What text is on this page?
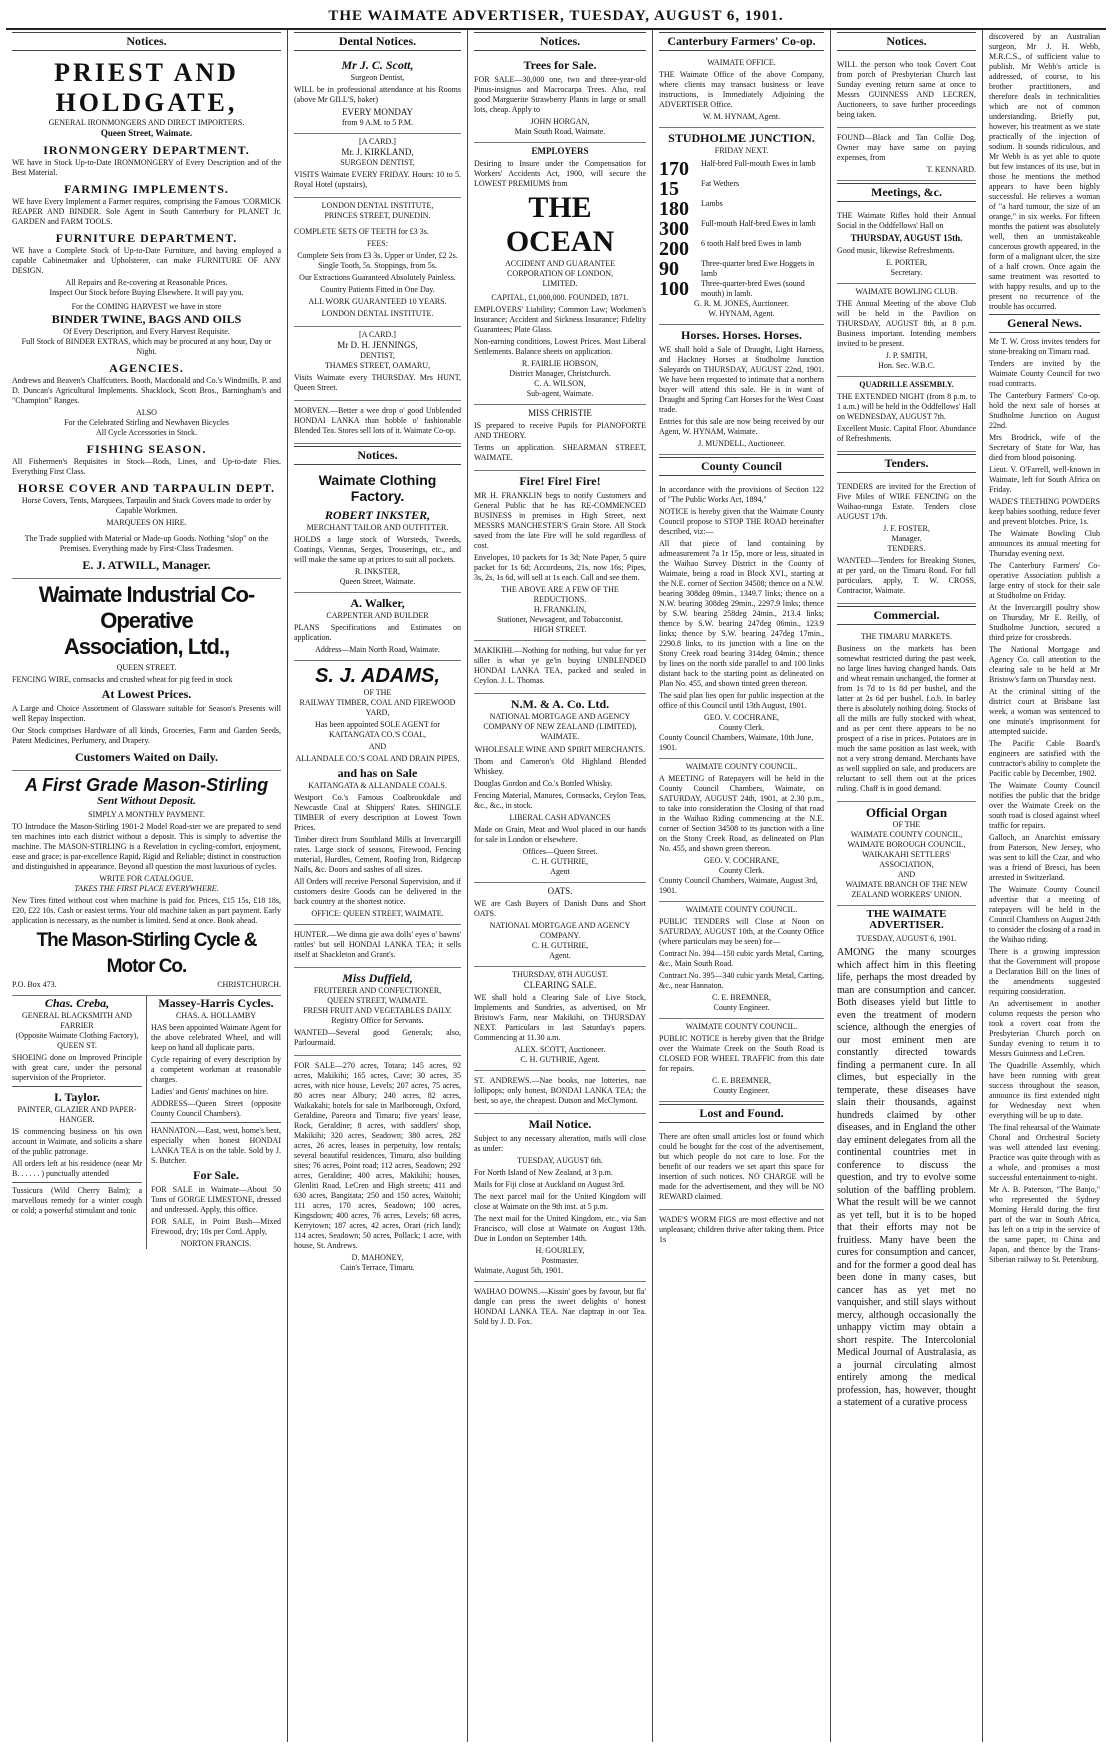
THE WAIMATE ADVERTISER, TUESDAY, AUGUST 6, 1901.
Notices.
PRIEST AND HOLDGATE,
GENERAL IRONMONGERS AND DIRECT IMPORTERS.
Queen Street, Waimate.
IRONMONGERY DEPARTMENT.

WE have in Stock Up-to-Date IRONMONGERY of Every Description and of the Best Material.

FARMING IMPLEMENTS.

WE have Every Implement a Farmer requires, comprising the Famous 'CORMICK REAPER AND BINDER. Sole Agent in South Canterbury for PLANET Jr. GARDEN and FARM TOOLS.

FURNITURE DEPARTMENT.

WE have a Complete Stock of Up-to-Date Furniture, and having employed a capable Cabinetmaker and Upholsterer, can make FURNITURE OF ANY DESIGN.

All Repairs and Re-covering at Reasonable Prices.
Inspect Our Stock before Buying Elsewhere. It will pay you.
For the COMING HARVEST we have in store
BINDER TWINE, BAGS AND OILS
Of Every Description, and Every Harvest Requisite.
Full Stock of BINDER EXTRAS, which may be procured at any hour, Day or Night.
AGENCIES.

Andrews and Beaven's Chaffcutters. Booth, Macdonald and Co.'s Windmills. P. and D. Duncan's Agricultural Implements. Shacklock, Scott Bros., Barningham's and "Champion" Ranges.

ALSO
For the Celebrated Stirling and Newhaven Bicycles
All Cycle Accessories in Stock.
FISHING SEASON.

All Fishermen's Requisites in Stock—Rods, Lines, and Up-to-date Flies. Everything First Class.

HORSE COVER AND TARPAULIN DEPT.

Horse Covers, Tents, Marquees, Tarpaulin and Stack Covers made to order by Capable Workmen.

MARQUEES ON HIRE.

The Trade supplied with Material or Made-up Goods. Nothing "slop" on the Premises. Everything made by First-Class Tradesmen.

E. J. ATWILL, Manager.
Waimate Industrial Co-Operative
Association, Ltd.,
QUEEN STREET.

FENCING WIRE, cornsacks and crushed wheat for pig feed in stock

At Lowest Prices.

A Large and Choice Assortment of Glassware suitable for Season's Presents will well Repay Inspection.

Our Stock comprises Hardware of all kinds, Groceries, Farm and Garden Seeds, Patent Medicines, Perfumery, and Drapery.

Customers Waited on Daily.
A First Grade Mason-Stirling
Sent Without Deposit.
SIMPLY A MONTHLY PAYMENT.

TO Introduce the Mason-Stirling 1901-2 Model Road-ster we are prepared to send ten machines into each district without a deposit. This is simply to advertise the machine. The MASON-STIRLING is a Revelation in cycling-comfort, enjoyment, ease and grace; is par-excellence Rapid, Rigid and Reliable; distinct in construction and distinguished in appearance. Beyond all question the most luxurious of cycles.

WRITE FOR CATALOGUE.
TAKES THE FIRST PLACE EVERYWHERE.

New Tires fitted without cost when machine is paid for. Prices, £15 15s, £18 18s, £20, £22 10s. Cash or easiest terms. Your old machine taken as part payment. Early application is necessary, as the number is limited. Send at once. Book ahead.

The Mason-Stirling Cycle & Motor Co.
P.O. Box 473.	CHRISTCHURCH.
Chas. Creba,
GENERAL BLACKSMITH AND FARRIER
(Opposite Waimate Clothing Factory),
QUEEN ST.

SHOEING done on Improved Principle with great care, under the personal supervision of the Proprietor.

I. Taylor.
PAINTER, GLAZIER AND PAPER-HANGER.

IS commencing business on his own account in Waimate, and solicits a share of the public patronage.

All orders left at his residence (near Mr B. . . . . . ) punctually attended

Tussicura (Wild Cherry Balm); a marvellous remedy for a winter cough or cold; a powerful stimulant and tonic

Massey-Harris Cycles.
CHAS. A. HOLLAMBY

HAS been appointed Waimate Agent for the above celebrated Wheel, and will keep on hand all duplicate parts.

Cycle repairing of every description by a competent workman at reasonable charges.

Ladies' and Gents' machines on hire.

ADDRESS—Queen Street (opposite County Council Chambers).

HANNATON.—East, west, home's best, especially when honest HONDAI LANKA TEA is on the table. Sold by J. S. Butcher.

For Sale.

FOR SALE in Waimate—About 50 Tons of GORGE LIMESTONE, dressed and undressed. Apply, this office.

FOR SALE, in Point Bush—Mixed Firewood, dry; 10s per Cord. Apply,

NORTON FRANCIS.
Dental Notices.
Mr J. C. Scott,
Surgeon Dentist,

WILL be in professional attendance at his Rooms (above Mr GILL'S, baker)

EVERY MONDAY
from 9 A.M. to 5 P.M.
[A CARD.]
Mr. J. KIRKLAND,
SURGEON DENTIST,

VISITS Waimate EVERY FRIDAY. Hours: 10 to 5. Royal Hotel (upstairs),

LONDON DENTAL INSTITUTE,
PRINCES STREET, DUNEDIN.

COMPLETE SETS OF TEETH for £3 3s.

FEES:

Complete Sets from £3 3s. Upper or Under, £2 2s. Single Tooth, 5s. Stoppings, from 5s.

Our Extractions Guaranteed Absolutely Painless.

Country Patients Fitted in One Day.

ALL WORK GUARANTEED 10 YEARS.

LONDON DENTAL INSTITUTE.

[A CARD.]
Mr D. H. JENNINGS,
DENTIST,
THAMES STREET, OAMARU,

Visits Waimate every THURSDAY. Mrs HUNT, Queen Street.

MORVEN.—Better a wee drop o' good Unblended HONDAI LANKA than hobble o' fashionable Blended Tea. Stores sell lots of it. Waimate Co-op.

Notices.
Waimate Clothing Factory.
ROBERT INKSTER,
MERCHANT TAILOR AND OUTFITTER.

HOLDS a large stock of Worsteds, Tweeds, Coatings, Viennas, Serges, Trouserings, etc., and will make the same up at prices to suit all pockets.

R. INKSTER,
Queen Street, Waimate.
A. Walker,
CARPENTER AND BUILDER

PLANS Specifications and Estimates on application.

Address—Main North Road, Waimate.
S. J. ADAMS,
OF THE
RAILWAY TIMBER, COAL AND FIREWOOD YARD,

Has been appointed SOLE AGENT for KAITANGATA CO.'S COAL,

AND

ALLANDALE CO.'S COAL AND DRAIN PIPES,

and has on Sale
KAITANGATA & ALLANDALE COALS.

Westport Co.'s Famous Coalbrookdale and Newcastle Coal at Shippers' Rates. SHINGLE TIMBER of every description at Lowest Town Prices.

Timber direct from Southland Mills at Invercargill rates. Large stock of seasons, Firewood, Fencing material, Hurdles, Cement, Roofing Iron, Ridgecap Nails, &c. Doors and sashes of all sizes.

All Orders will receive Personal Supervision, and if customers desire Goods can be delivered in the back country at the shortest notice.

OFFICE: QUEEN STREET, WAIMATE.

HUNTER.—We dinna gie awa dolls' eyes o' bawns' rattles' but sell HONDAI LANKA TEA; it sells itself at Shackleton and Grant's.

Miss Duffield,
FRUITERER AND CONFECTIONER,
QUEEN STREET, WAIMATE.
FRESH FRUIT AND VEGETABLES DAILY.
Registry Office for Servants.

WANTED—Several good Generals; also, Parlourmaid.

FOR SALE—270 acres, Totara; 145 acres, 92 acres, Makikihi; 165 acres, Cave; 30 acres, 35 acres, with nice house, Levels; 207 acres, 75 acres, 80 acres near Albury; 240 acres, 82 acres, Waikakahi; hotels for sale in Marlborough, Oxford, Geraldine, Pareora and Timaru; five years' lease, Rock, Geraldine; 8 acres, with saddlers' shop, Makikihi; 320 acres, Seadown; 380 acres, 282 acres, 26 acres, leases in perpetuity, low rentals; several beautiful residences, Timaru, also building sites; 76 acres, Point road; 112 acres, Seadown; 292 acres, Geraldine; 400 acres, Makikihi; houses, Glenliti Road, LeCren and High streets; 411 and 630 acres, Bangitata; 250 and 150 acres, Waitohi; 111 acres, 170 acres, Seadown; 100 acres, Kingsdown; 400 acres, 76 acres, Levels; 68 acres, Kerrytown; 187 acres, 42 acres, Orari (rich land); 114 acres, Seadown; 50 acres, Pollack; 1 acre, with house, St. Andrews.

D. MAHONEY,
Cain's Terrace, Timaru.
Notices.
Trees for Sale.

FOR SALE—30,000 one, two and three-year-old Pinus-insignus and Macrocarpa Trees. Also, real good Marguerite Strawberry Plants in large or small lots, cheap. Apply to

JOHN HORGAN,
Main South Road, Waimate.
EMPLOYERS

Desiring to Insure under the Compensation for Workers' Accidents Act, 1900, will secure the LOWEST PREMIUMS from

THE OCEAN
ACCIDENT AND GUARANTEE
CORPORATION OF LONDON,
LIMITED.
CAPITAL, £1,000,000. FOUNDED, 1871.

EMPLOYERS' Liability; Common Law; Workmen's Insurance; Accident and Sickness Insurance; Fidelity Guarantees; Plate Glass.

Non-earning conditions, Lowest Prices. Most Liberal Settlements. Balance sheets on application.

R. FAIRLIE HOBSON,
District Manager, Christchurch.
C. A. WILSON,
Sub-agent, Waimate.
MISS CHRISTIE

IS prepared to receive Pupils for PIANOFORTE AND THEORY.

Terms on application. SHEARMAN STREET, WAIMATE.

Fire! Fire! Fire!

MR H. FRANKLIN begs to notify Customers and General Public that he has RE-COMMENCED BUSINESS in premises in High Street, next MESSRS MANCHESTER'S Grain Store. All Stock saved from the late Fire will be sold regardless of cost.

Envelopes, 10 packets for 1s 3d; Note Paper, 5 quire packet for 1s 6d; Accordeons, 21s, now 16s; Pipes, 3s, 2s, 1s 6d, will sell at 1s each. Call and see them.

THE ABOVE ARE A FEW OF THE REDUCTIONS.
H. FRANKLIN,
Stationer, Newsagent, and Tobacconist.
HIGH STREET.

MAKIKIHI.—Nothing for nothing, but value for yer siller is what ye ge'in buying UNBLENDED HONDAI LANKA TEA, packed and sealed in Ceylon. J. L. Thomas.

N.M. & A. Co. Ltd.
NATIONAL MORTGAGE AND AGENCY COMPANY OF NEW ZEALAND (LIMITED), WAIMATE.
WHOLESALE WINE AND SPIRIT MERCHANTS.

Thom and Cameron's Old Highland Blended Whiskey.

Douglas Gordon and Co.'s Bottled Whisky.

Fencing Material, Manures, Cornsacks, Ceylon Teas, &c., &c., in stock.

LIBERAL CASH ADVANCES

Made on Grain, Meat and Wool placed in our hands for sale in London or elsewhere.

Offices—Queen Street.
C. H. GUTHRIE,
Agent
OATS.

WE are Cash Buyers of Danish Duns and Short OATS.

NATIONAL MORTGAGE AND AGENCY COMPANY.
C. H. GUTHRIE,
Agent.
THURSDAY, 8TH AUGUST.
CLEARING SALE.

WE shall hold a Clearing Sale of Live Stock, Implements and Sundries, as advertised, on Mr Bristow's Farm, near Makikihi, on THURSDAY NEXT. Particulars in last Saturday's papers. Commencing at 11.30 a.m.

ALEX. SCOTT, Auctioneer.
C. H. GUTHRIE, Agent.

ST. ANDREWS.—Nae books, nae lotteries, nae lollipops; only honest, BONDAI LANKA TEA; the best, so aye, the cheapest. Dutson and McClymont.

Mail Notice.

Subject to any necessary alteration, mails will close as under:

TUESDAY, AUGUST 6th.

For North Island of New Zealand, at 3 p.m.

Mails for Fiji close at Auckland on August 3rd.

The next parcel mail for the United Kingdom will close at Waimate on the 9th inst. at 5 p.m.

The next mail for the United Kingdom, etc., via San Francisco, will close at Waimate on August 13th. Due in London on September 14th.

H. GOURLEY,
Postmaster.
Waimate, August 5th, 1901.

WAIHAO DOWNS.—Kissin' goes by favour, but fla' dangle can press the sweet delights o' honest HONDAI LANKA TEA. Nae claptrap in oor Tea. Sold by J. D. Fox.

Canterbury Farmers' Co-op.
WAIMATE OFFICE.

THE Waimate Office of the above Company, where clients may transact business or leave instructions, is Immediately Adjoining the ADVERTISER Office.

W. M. HYNAM, Agent.
STUDHOLME JUNCTION.
FRIDAY NEXT.
170
15
180
300
200
90
100
Half-bred Full-mouth Ewes in lamb
Fat Wethers
Lambs
Full-mouth Half-bred Ewes in lamb
6 tooth Half bred Ewes in lamb
Three-quarter bred Ewe Hoggets in lamb
Three-quarter-bred Ewes (sound mouth) in lamb.
G. R. M. JONES, Auctioneer.
W. HYNAM, Agent.
Horses. Horses. Horses.

WE shall hold a Sale of Draught, Light Harness, and Hackney Horses at Studholme Junction Saleyards on THURSDAY, AUGUST 22nd, 1901. We have been requested to intimate that a northern buyer will attend this sale. He is in want of Draught and Spring Cart Horses for the West Coast trade.

Entries for this sale are now being received by our Agent, W. HYNAM, Waimate.

J. MUNDELL, Auctioneer.
County Council

In accordance with the provisions of Section 122 of "The Public Works Act, 1894,"

NOTICE is hereby given that the Waimate County Council propose to STOP THE ROAD hereinafter described, viz:—

All that piece of land containing by admeasurement 7a 1r 15p, more or less, situated in the Waihao Survey District in the County of Waimate, being a road in Block XVI., starting at the N.E. corner of Section 34508; thence on a N.W. bearing 308deg 09min., 1349.7 links; thence on a N.W. bearing 308deg 29min., 2297.9 links; thence by S.W. bearing 258deg 24min., 213.4 links; thence by S.W. bearing 247deg 06min., 123.9 links; thence by S.W. bearing 247deg 17min., 2290.8 links, to its junction with a line on the Stony Creek road bearing 314deg 04min.; thence by lines on the north side parallel to and 100 links distant back to the starting point as delineated on Plan No. 455, and shown tinted green thereon.

The said plan lies open for public inspection at the office of this Council until 13th August, 1901.

GEO. V. COCHRANE,
County Clerk.
County Council Chambers, Waimate, 10th June, 1901.
WAIMATE COUNTY COUNCIL.

A MEETING of Ratepayers will be held in the County Council Chambers, Waimate, on SATURDAY, AUGUST 24th, 1901, at 2.30 p.m., to take into consideration the Closing of that road in the Waihao Riding commencing at the N.E. corner of Section 34508 to its junction with a line on the Stony Creek Road, as delineated on Plan No. 455, and shown green thereon.

GEO. V. COCHRANE,
County Clerk.
County Council Chambers, Waimate, August 3rd, 1901.
WAIMATE COUNTY COUNCIL.

PUBLIC TENDERS will Close at Noon on SATURDAY, AUGUST 10th, at the County Office (where particulars may be seen) for—

Contract No. 394—150 cubic yards Metal, Carting, &c., Main South Road.

Contract No. 395—340 cubic yards Metal, Carting, &c., near Hannaton.

C. E. BREMNER,
County Engineer.
WAIMATE COUNTY COUNCIL.

PUBLIC NOTICE is hereby given that the Bridge over the Waimate Creek on the South Road is CLOSED FOR WHEEL TRAFFIC from this date for repairs.

C. E. BREMNER,
County Engineer.
Lost and Found.

There are often small articles lost or found which could be bought for the cost of the advertisement, but which people do not care to lose. For the benefit of our readers we set apart this space for insertion of such notices. NO CHARGE will be made for the advertisement, and they will be NO REWARD claimed.

WADE'S WORM FIGS are most effective and not unpleasant; children thrive after taking them. Price 1s

Notices.

WILL the person who took Covert Coat from porch of Presbyterian Church last Sunday evening return same at once to Messrs GUINNESS AND LECREN, Auctioneers, to save further proceedings being taken.

FOUND—Black and Tan Collie Dog. Owner may have same on paying expenses, from

T. KENNARD.
Meetings, &c.

THE Waimate Rifles hold their Annual Social in the Oddfellows' Hall on

THURSDAY, AUGUST 15th.

Good music, likewise Refreshments.

E. PORTER,
Secretary.
WAIMATE BOWLING CLUB.

THE Annual Meeting of the above Club will be held in the Pavilion on THURSDAY, AUGUST 8th, at 8 p.m. Business important. Intending members invited to be present.

J. P. SMITH,
Hon. Sec. W.B.C.
QUADRILLE ASSEMBLY.

THE EXTENDED NIGHT (from 8 p.m. to 1 a.m.) will be held in the Oddfellows' Hall on WEDNESDAY, AUGUST 7th.

Excellent Music. Capital Floor. Abundance of Refreshments.

Tenders.

TENDERS are invited for the Erection of Five Miles of WIRE FENCING on the Waihao-runga Estate. Tenders close AUGUST 17th.

J. F. FOSTER,
Manager.
TENDERS.

WANTED—Tenders for Breaking Stones, at per yard, on the Timaru Road. For full particulars, apply, T. W. CROSS, Contractor, Waimate.

Commercial.
THE TIMARU MARKETS.

Business on the markets has been somewhat restricted during the past week, no large lines having changed hands. Oats and wheat remain unchanged, the former at from 1s 7d to 1s 8d per bushel, and the latter at 2s 6d per bushel. f.o.b. In barley there is absolutely nothing doing. Stocks of all the mills are fully stocked with wheat, and as per cent there appears to be no prospect of a rise in prices. Potatoes are in much the same position as last week, with not a very strong demand. Merchants have as well supplied on sale, and producers are reluctant to sell them out at the prices ruling. Chaff is in good demand.

Official Organ
OF THE
WAIMATE COUNTY COUNCIL,
WAIMATE BOROUGH COUNCIL,
WAIKAKAHI SETTLERS' ASSOCIATION,
AND
WAIMATE BRANCH OF THE NEW ZEALAND WORKERS' UNION.
THE WAIMATE ADVERTISER.
TUESDAY, AUGUST 6, 1901.

AMONG the many scourges which affect him in this fleeting life, perhaps the most dreaded by man are consumption and cancer. Both diseases yield but little to even the treatment of modern science, although the energies of our most eminent men are constantly directed towards finding a permanent cure. In all climes, but especially in the temperate, these diseases have slain their thousands, against hundreds claimed by other diseases, and in England the other day eminent delegates from all the continental countries met in conference to discuss the question, and try to evolve some solution of the baffling problem. What the result will be we cannot as yet tell, but it is to be hoped that their efforts may not be fruitless. Many have been the cures for consumption and cancer, and for the former a good deal has been done in many cases, but cancer has as yet met no vanquisher, and still slays without mercy, although occasionally the unhappy victim may obtain a short respite. The Intercolonial Medical Journal of Australasia, as a journal circulating almost entirely among the medical profession, has, however, thought a statement of a curative process

discovered by an Australian surgeon, Mr J. H. Webb, M.R.C.S., of sufficient value to publish. Mr Webb's article is addressed, of course, to his brother practitioners, and therefore deals in technicalities which are not of common understanding. Briefly put, however, his treatment as we state practically of the injection of sodium. It sounds ridiculous, and Mr Webb is as yet able to quote but few instances of its use, but in those he mentions the method appears to have been highly successful. He relieves a woman of "a hard tumour, the size of an orange," in six weeks. For fifteen months the patient was absolutely well, then an unmistakeable cancerous growth appeared, in the form of a malignant ulcer, the size of a half crown. Once again the same treatment was resorted to with happy results, and up to the present no recurrence of the trouble has occurred.

General News.

Mr T. W. Cross invites tenders for stone-breaking on Timaru road.

Tenders are invited by the Waimate County Council for two road contracts.

The Canterbury Farmers' Co-op. hold the next sale of horses at Studholme Junction on August 22nd.

Mrs Brodrick, wife of the Secretary of State for War, has died from blood poisoning.

Lieut. V. O'Farrell, well-known in Waimate, left for South Africa on Friday.

WADE'S TEETHING POWDERS keep babies soothing, reduce fever and prevent blotches. Price, 1s.

The Waimate Bowling Club announces its annual meeting for Thursday evening next.

The Canterbury Farmers' Co-operative Association publish a large entry of stock for their sale at Studholme on Friday.

At the Invercargill poultry show on Thursday, Mr E. Reilly, of Studholme Junction, secured a third prize for crossbreds.

The National Mortgage and Agency Co. call attention to the clearing sale to be held at Mr Bristow's farm on Thursday next.

At the criminal sitting of the district court at Brisbane last week, a woman was sentenced to one minute's imprisonment for attempted suicide.

The Pacific Cable Board's engineers are satisfied with the contractor's ability to complete the Pacific cable by December, 1902.

The Waimate County Council notifies the public that the bridge over the Waimate Creek on the south road is closed against wheel traffic for repairs.

Galloch, an Anarchist emissary from Paterson, New Jersey, who was sent to kill the Czar, and who was a friend of Bresci, has been arrested in Switzerland.

The Waimate County Council advertise that a meeting of ratepayers will be held in the Council Chambers on August 24th to consider the closing of a road in the Waihao riding.

There is a growing impression that the Government will propose a Declaration Bill on the lines of the amendments suggested requiring consideration.

An advertisement in another column requests the person who took a covert coat from the Presbyterian Church porch on Sunday evening to return it to Messrs Guinness and LeCren.

The Quadrille Assembly, which have been running with great success throughout the season, announce its first extended night for Wednesday next when everything will be up to date.

The final rehearsal of the Waimate Choral and Orchestral Society was well attended last evening. Practice was quite through with as a whole, and promises a most successful entertainment to-night.

Mr A. B. Paterson, "The Banjo," who represented the Sydney Morning Herald during the first part of the war in South Africa, has left on a trip in the service of the same paper, to China and Japan, and thence by the Trans-Siberian railway to St. Petersburg.
